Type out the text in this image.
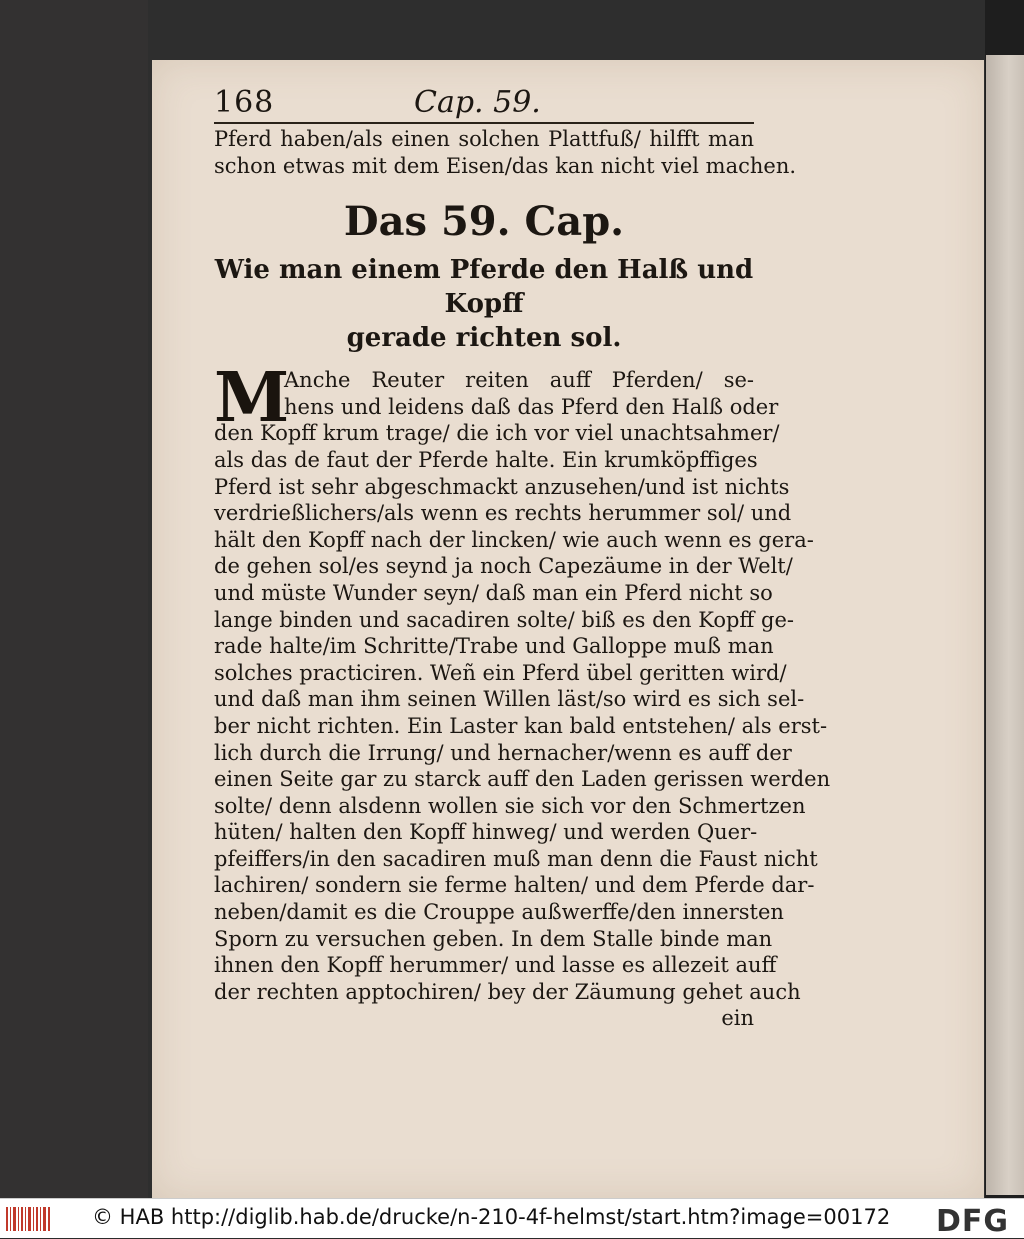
168	Cap. 59.
Pferd haben/als einen solchen Plattfuß/ hilfft man
schon etwas mit dem Eisen/das kan nicht viel machen.
Das 59. Cap.
Wie man einem Pferde den Halß und Kopff
gerade richten sol.
M
Anche Reuter reiten auff Pferden/ se-
hens und leidens daß das Pferd den Halß oder
den Kopff krum trage/ die ich vor viel unachtsahmer/
als das de faut der Pferde halte. Ein krumköpffiges
Pferd ist sehr abgeschmackt anzusehen/und ist nichts
verdrießlichers/als wenn es rechts herummer sol/ und
hält den Kopff nach der lincken/ wie auch wenn es gera-
de gehen sol/es seynd ja noch Capezäume in der Welt/
und müste Wunder seyn/ daß man ein Pferd nicht so
lange binden und sacadiren solte/ biß es den Kopff ge-
rade halte/im Schritte/Trabe und Galloppe muß man
solches practiciren. Weñ ein Pferd übel geritten wird/
und daß man ihm seinen Willen läst/so wird es sich sel-
ber nicht richten. Ein Laster kan bald entstehen/ als erst-
lich durch die Irrung/ und hernacher/wenn es auff der
einen Seite gar zu starck auff den Laden gerissen werden
solte/ denn alsdenn wollen sie sich vor den Schmertzen
hüten/ halten den Kopff hinweg/ und werden Quer-
pfeiffers/in den sacadiren muß man denn die Faust nicht
lachiren/ sondern sie ferme halten/ und dem Pferde dar-
neben/damit es die Crouppe außwerffe/den innersten
Sporn zu versuchen geben. In dem Stalle binde man
ihnen den Kopff herummer/ und lasse es allezeit auff
der rechten apptochiren/ bey der Zäumung gehet auch
ein
© HAB http://diglib.hab.de/drucke/n-210-4f-helmst/start.htm?image=00172 DFG
